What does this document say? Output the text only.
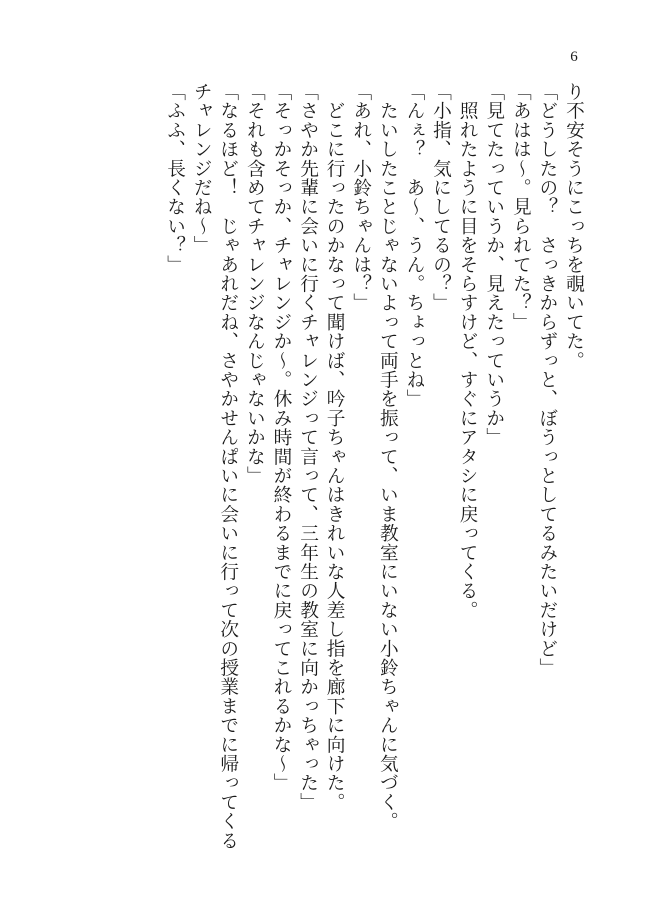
6
り不安そうにこっちを覗いてた。
「どうしたの？　さっきからずっと、ぼうっとしてるみたいだけど」
「あはは〜。見られてた？」
「見てたっていうか、見えたっていうか」
　照れたように目をそらすけど、すぐにアタシに戻ってくる。
「小指、気にしてるの？」
「んぇ？　あ〜、うん。ちょっとね」
　たいしたことじゃないよって両手を振って、いま教室にいない小鈴ちゃんに気づく。
「あれ、小鈴ちゃんは？」
　どこに行ったのかなって聞けば、吟子ちゃんはきれいな人差し指を廊下に向けた。
「さやか先輩に会いに行くチャレンジって言って、三年生の教室に向かっちゃった」
「そっかそっか、チャレンジか〜。休み時間が終わるまでに戻ってこれるかな〜」
「それも含めてチャレンジなんじゃないかな」
「なるほど！　じゃあれだね、さやかせんぱいに会いに行って次の授業までに帰ってくる
チャレンジだね〜」
「ふふ、長くない？」
